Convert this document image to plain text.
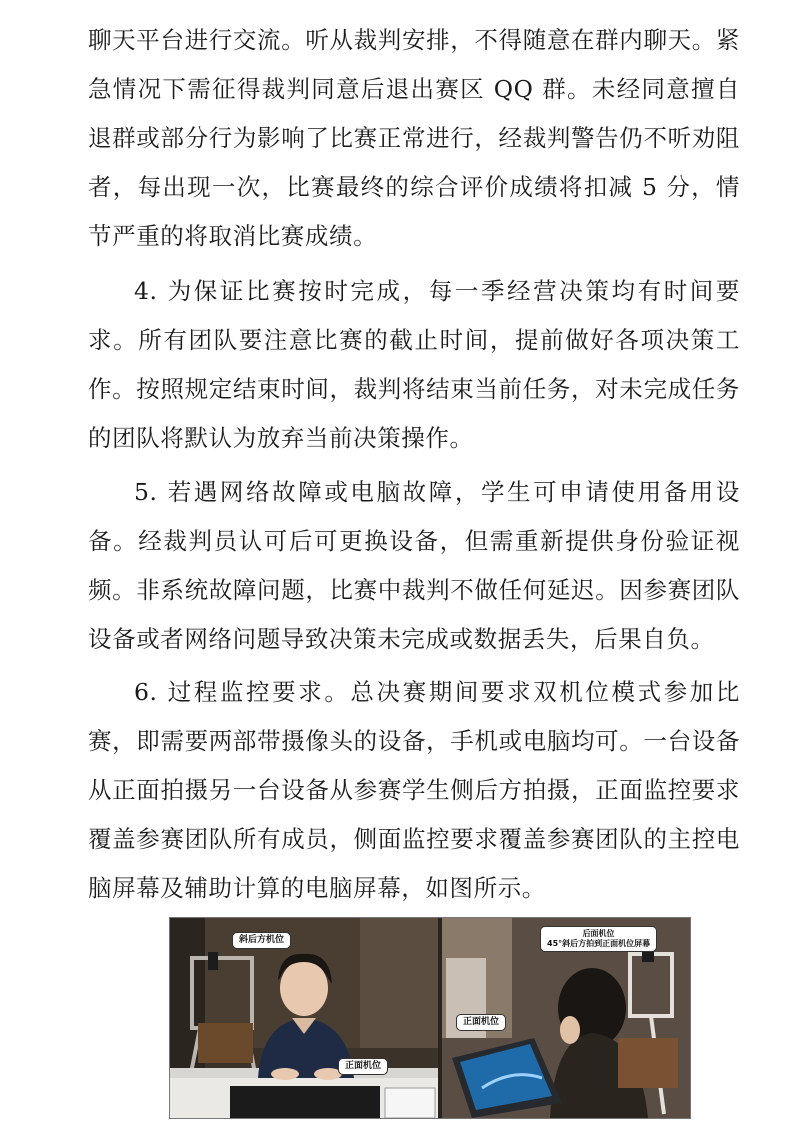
聊天平台进行交流。听从裁判安排，不得随意在群内聊天。紧急情况下需征得裁判同意后退出赛区 QQ 群。未经同意擅自退群或部分行为影响了比赛正常进行，经裁判警告仍不听劝阻者，每出现一次，比赛最终的综合评价成绩将扣减 5 分，情节严重的将取消比赛成绩。

4. 为保证比赛按时完成，每一季经营决策均有时间要求。所有团队要注意比赛的截止时间，提前做好各项决策工作。按照规定结束时间，裁判将结束当前任务，对未完成任务的团队将默认为放弃当前决策操作。

5. 若遇网络故障或电脑故障，学生可申请使用备用设备。经裁判员认可后可更换设备，但需重新提供身份验证视频。非系统故障问题，比赛中裁判不做任何延迟。因参赛团队设备或者网络问题导致决策未完成或数据丢失，后果自负。

6. 过程监控要求。总决赛期间要求双机位模式参加比赛，即需要两部带摄像头的设备，手机或电脑均可。一台设备从正面拍摄另一台设备从参赛学生侧后方拍摄，正面监控要求覆盖参赛团队所有成员，侧面监控要求覆盖参赛团队的主控电脑屏幕及辅助计算的电脑屏幕，如图所示。

斜后方机位
正面机位
后面机位
45°斜后方拍到正面机位屏幕
正面机位
